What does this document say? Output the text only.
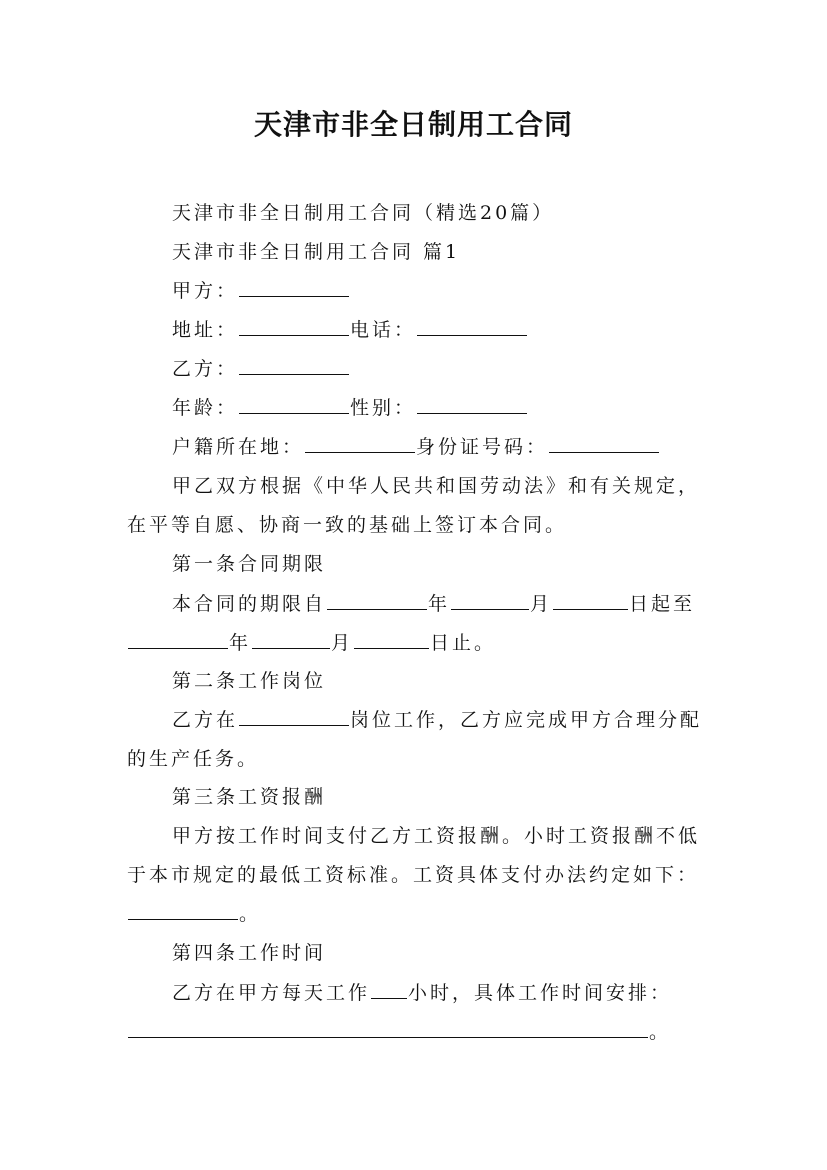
天津市非全日制用工合同
天津市非全日制用工合同（精选20篇）
天津市非全日制用工合同 篇1
甲方：
地址：	电话：
乙方：
年龄：	性别：
户籍所在地：	身份证号码：
甲乙双方根据《中华人民共和国劳动法》和有关规定，
在平等自愿、协商一致的基础上签订本合同。
第一条合同期限
本合同的期限自	年	月	日起至
年	月	日止。
第二条工作岗位
乙方在	岗位工作，乙方应完成甲方合理分配
的生产任务。
第三条工资报酬
甲方按工作时间支付乙方工资报酬。小时工资报酬不低
于本市规定的最低工资标准。工资具体支付办法约定如下：
。
第四条工作时间
乙方在甲方每天工作 小时，具体工作时间安排：
。
